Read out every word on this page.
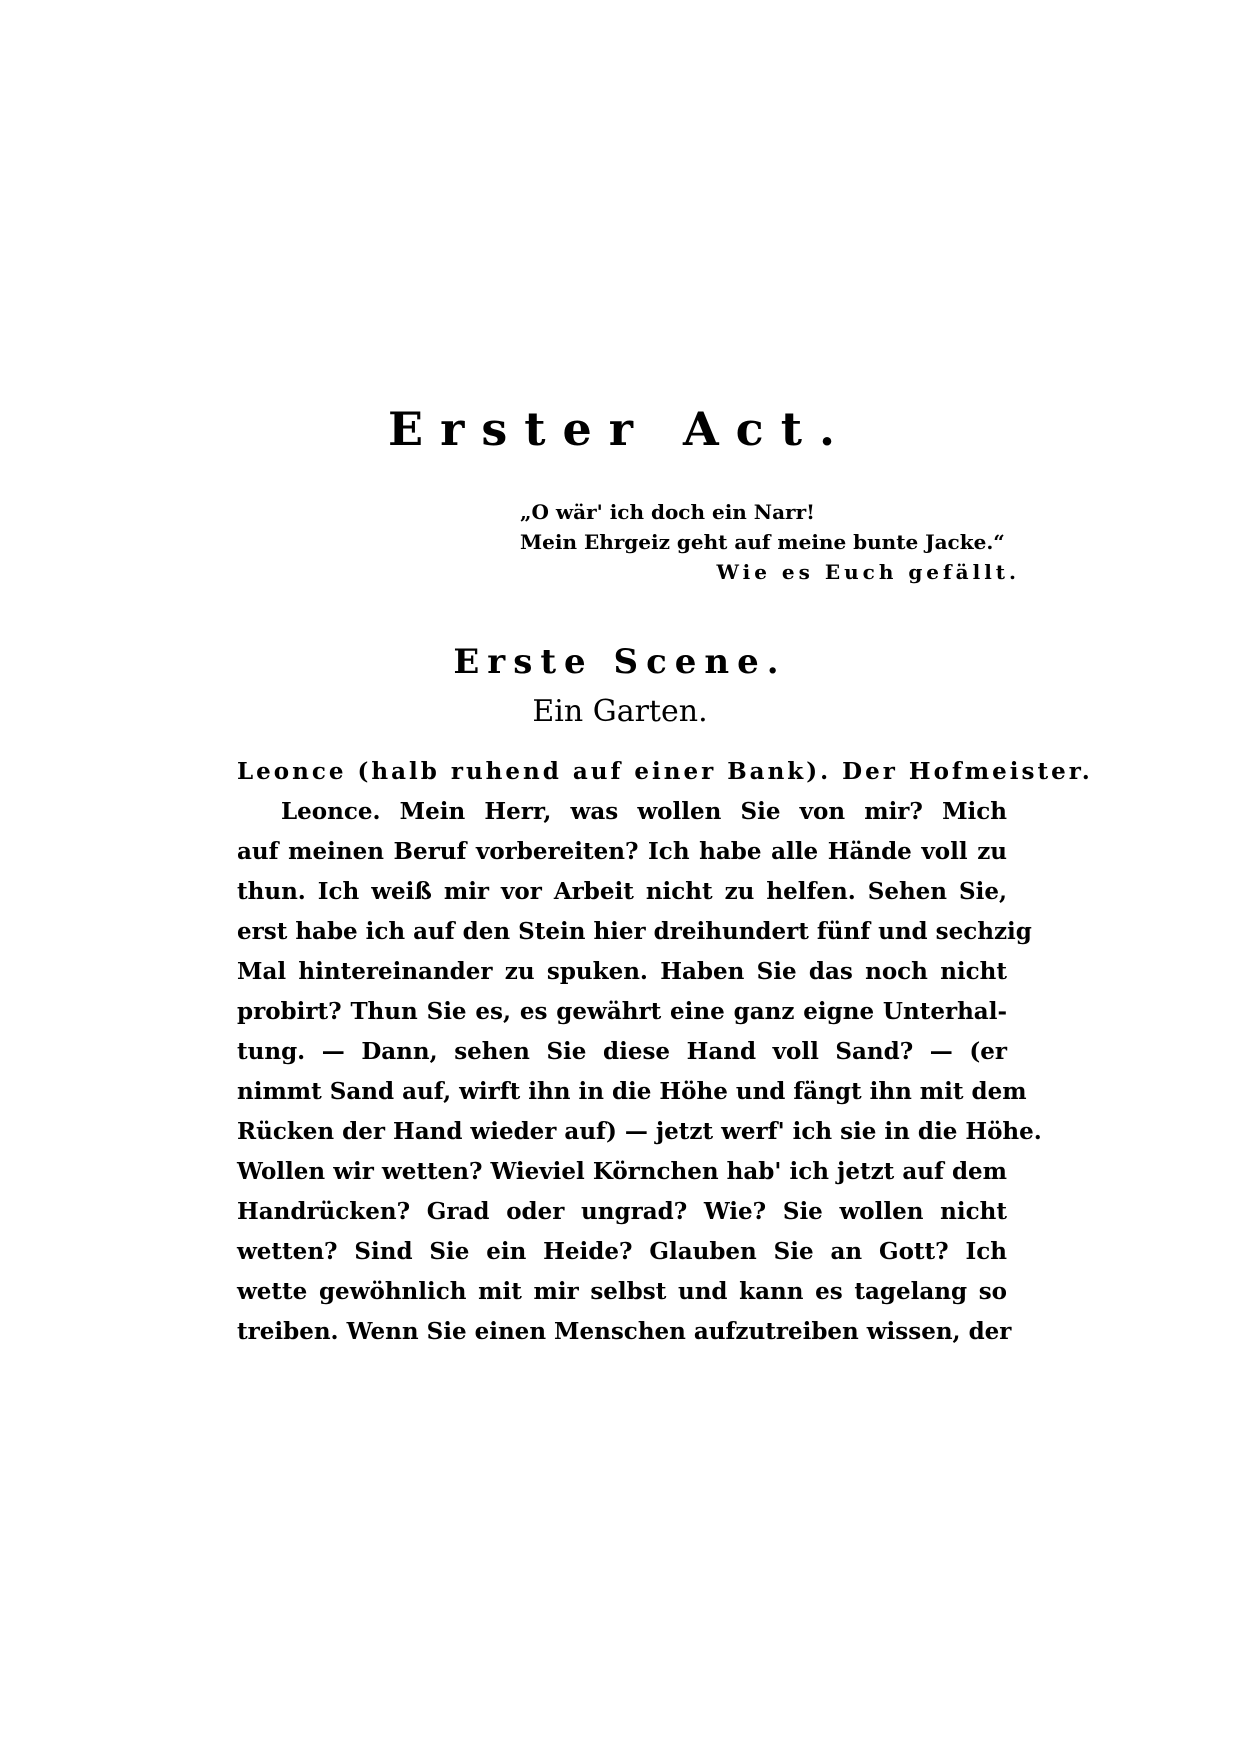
Erster Act.
„O wär' ich doch ein Narr!
Mein Ehrgeiz geht auf meine bunte Jacke.“
Wie es Euch gefällt.
Erste Scene.
Ein Garten.
Leonce (halb ruhend auf einer Bank). Der Hofmeister.
Leonce. Mein Herr, was wollen Sie von mir? Mich
auf meinen Beruf vorbereiten? Ich habe alle Hände voll zu
thun. Ich weiß mir vor Arbeit nicht zu helfen. Sehen Sie,
erst habe ich auf den Stein hier dreihundert fünf und sechzig
Mal hintereinander zu spuken. Haben Sie das noch nicht
probirt? Thun Sie es, es gewährt eine ganz eigne Unterhal-
tung. — Dann, sehen Sie diese Hand voll Sand? — (er
nimmt Sand auf, wirft ihn in die Höhe und fängt ihn mit dem
Rücken der Hand wieder auf) — jetzt werf' ich sie in die Höhe.
Wollen wir wetten? Wieviel Körnchen hab' ich jetzt auf dem
Handrücken? Grad oder ungrad? Wie? Sie wollen nicht
wetten? Sind Sie ein Heide? Glauben Sie an Gott? Ich
wette gewöhnlich mit mir selbst und kann es tagelang so
treiben. Wenn Sie einen Menschen aufzutreiben wissen, der
